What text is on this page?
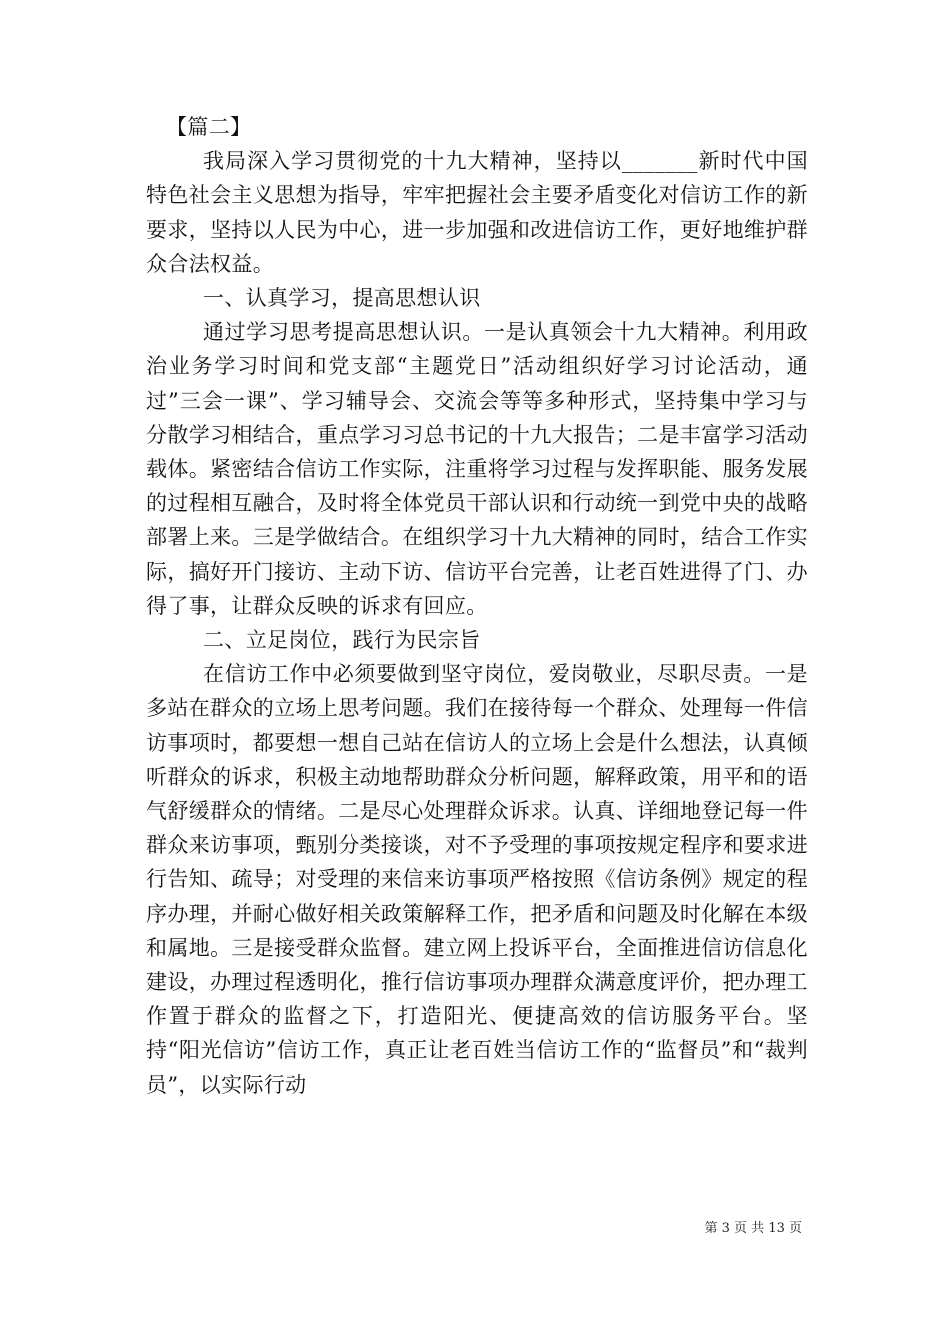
【篇二】

我局深入学习贯彻党的十九大精神，坚持以_______新时代中国特色社会主义思想为指导，牢牢把握社会主要矛盾变化对信访工作的新要求，坚持以人民为中心，进一步加强和改进信访工作，更好地维护群众合法权益。

一、认真学习，提高思想认识

通过学习思考提高思想认识。一是认真领会十九大精神。利用政治业务学习时间和党支部“主题党日”活动组织好学习讨论活动，通过”三会一课”、学习辅导会、交流会等等多种形式，坚持集中学习与分散学习相结合，重点学习习总书记的十九大报告；二是丰富学习活动载体。紧密结合信访工作实际，注重将学习过程与发挥职能、服务发展的过程相互融合，及时将全体党员干部认识和行动统一到党中央的战略部署上来。三是学做结合。在组织学习十九大精神的同时，结合工作实际，搞好开门接访、主动下访、信访平台完善，让老百姓进得了门、办得了事，让群众反映的诉求有回应。

二、立足岗位，践行为民宗旨

在信访工作中必须要做到坚守岗位，爱岗敬业，尽职尽责。一是多站在群众的立场上思考问题。我们在接待每一个群众、处理每一件信访事项时，都要想一想自己站在信访人的立场上会是什么想法，认真倾听群众的诉求，积极主动地帮助群众分析问题，解释政策，用平和的语气舒缓群众的情绪。二是尽心处理群众诉求。认真、详细地登记每一件群众来访事项，甄别分类接谈，对不予受理的事项按规定程序和要求进行告知、疏导；对受理的来信来访事项严格按照《信访条例》规定的程序办理，并耐心做好相关政策解释工作，把矛盾和问题及时化解在本级和属地。三是接受群众监督。建立网上投诉平台，全面推进信访信息化建设，办理过程透明化，推行信访事项办理群众满意度评价，把办理工作置于群众的监督之下，打造阳光、便捷高效的信访服务平台。坚持“阳光信访”信访工作，真正让老百姓当信访工作的“监督员”和“裁判员”，以实际行动

第 3 页 共 13 页
